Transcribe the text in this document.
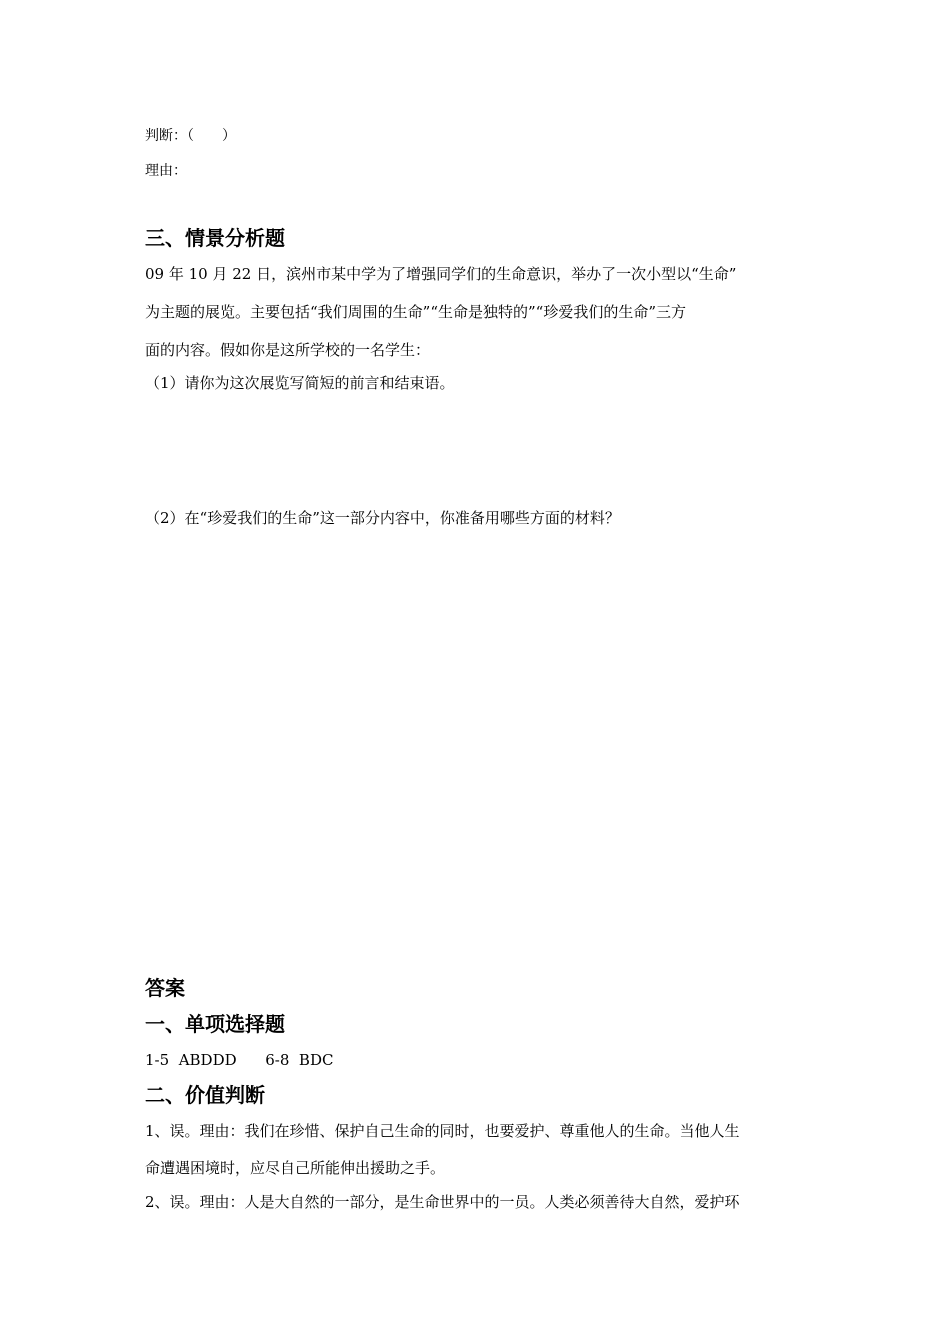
判断：（　　）
理由：
三、情景分析题
09 年 10 月 22 日，滨州市某中学为了增强同学们的生命意识，举办了一次小型以“生命”
为主题的展览。主要包括“我们周围的生命”“生命是独特的”“珍爱我们的生命”三方
面的内容。假如你是这所学校的一名学生：
（1）请你为这次展览写简短的前言和结束语。
（2）在“珍爱我们的生命”这一部分内容中，你准备用哪些方面的材料？
答案
一、单项选择题
1-5  ABDDD      6-8  BDC
二、价值判断
1、误。理由：我们在珍惜、保护自己生命的同时，也要爱护、尊重他人的生命。当他人生
命遭遇困境时，应尽自己所能伸出援助之手。
2、误。理由：人是大自然的一部分，是生命世界中的一员。人类必须善待大自然，爱护环
